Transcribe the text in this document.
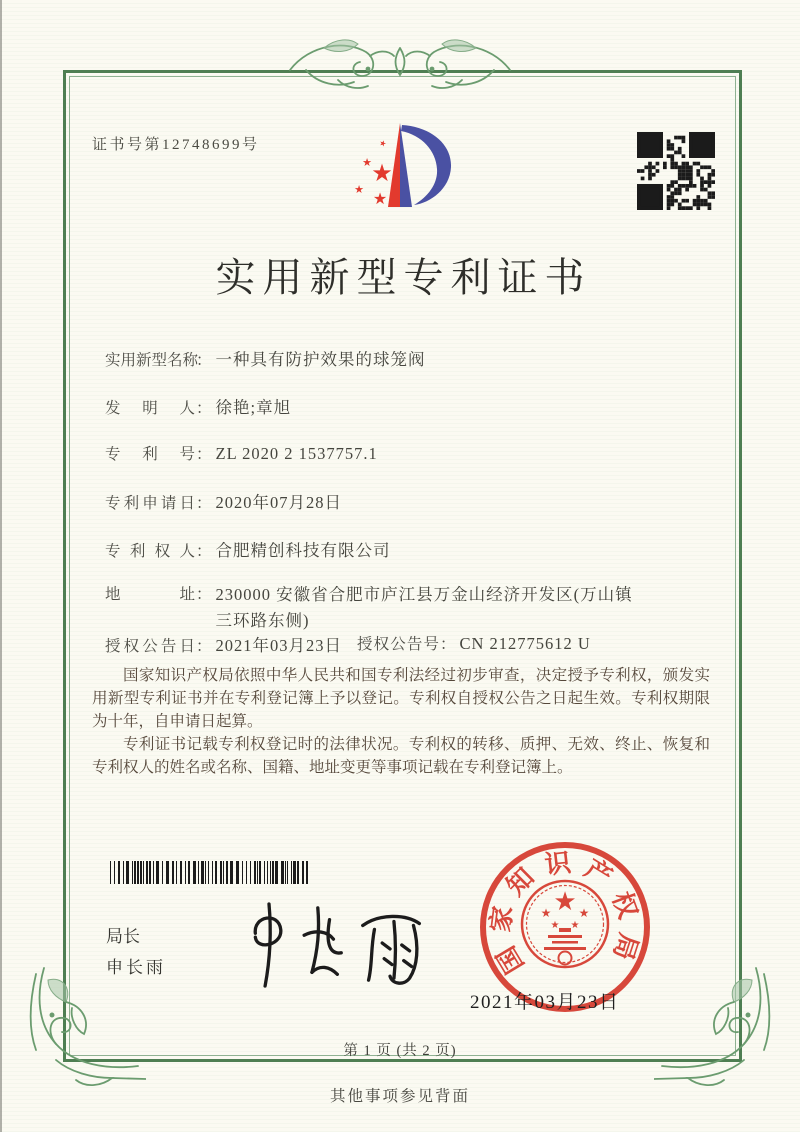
证书号第12748699号
★
★
★
★
★
实用新型专利证书
实用新型名称： 一种具有防护效果的球笼阀
发明人： 徐艳;章旭
专利号： ZL 2020 2 1537757.1
专利申请日： 2020年07月28日
专利权人： 合肥精创科技有限公司
地址： 230000 安徽省合肥市庐江县万金山经济开发区(万山镇三环路东侧)
授权公告日： 2021年03月23日 授权公告号： CN 212775612 U

国家知识产权局依照中华人民共和国专利法经过初步审查，决定授予专利权，颁发实用新型专利证书并在专利登记簿上予以登记。专利权自授权公告之日起生效。专利权期限为十年，自申请日起算。

专利证书记载专利权登记时的法律状况。专利权的转移、质押、无效、终止、恢复和专利权人的姓名或名称、国籍、地址变更等事项记载在专利登记簿上。

局长
申长雨
★
★ ★
★ ★
国
家
知 识 产
权
局
2021年03月23日
第 1 页 (共 2 页)
其他事项参见背面
